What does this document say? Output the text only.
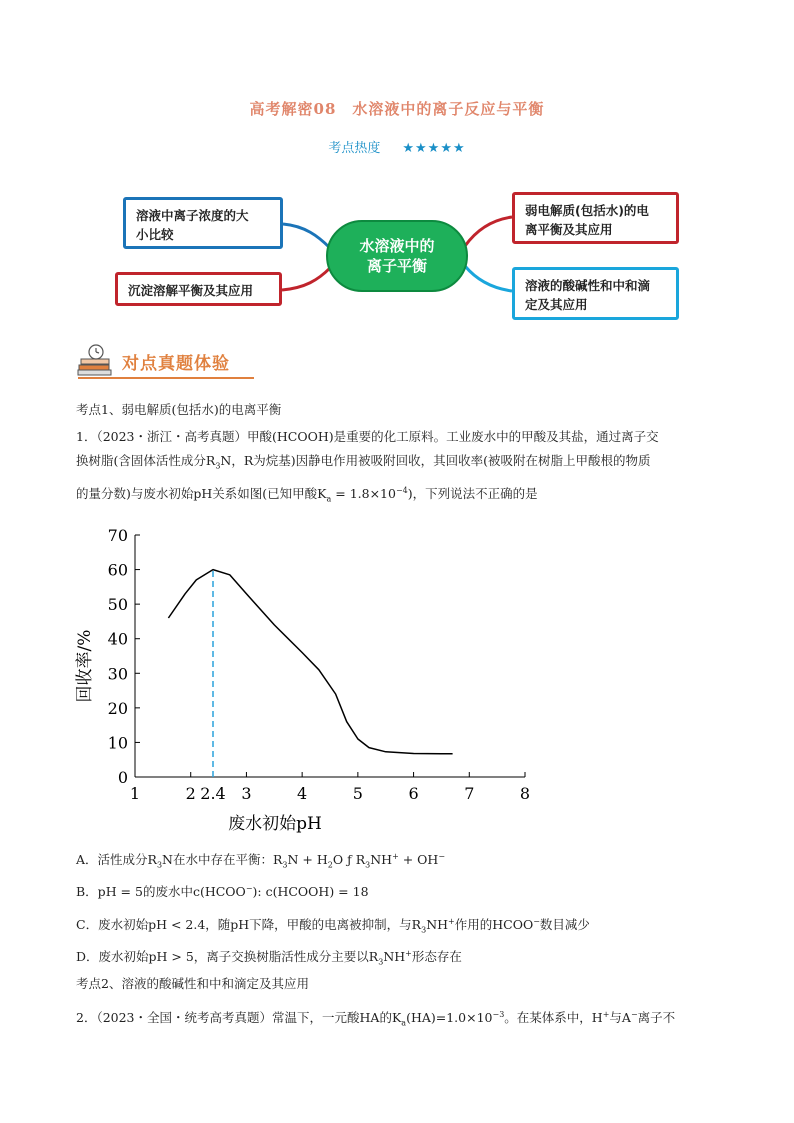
高考解密08　水溶液中的离子反应与平衡
考点热度 ★★★★★
溶液中离子浓度的大
小比较
沉淀溶解平衡及其应用
水溶液中的
离子平衡
弱电解质(包括水)的电
离平衡及其应用
溶液的酸碱性和中和滴
定及其应用
对点真题体验
考点1、弱电解质(包括水)的电离平衡
1．（2023・浙江・高考真题）甲酸(HCOOH)是重要的化工原料。工业废水中的甲酸及其盐，通过离子交
换树脂(含固体活性成分$R_3N$，R为烷基)因静电作用被吸附回收，其回收率(被吸附在树脂上甲酸根的物质
的量分数)与废水初始pH关系如图(已知甲酸$K_a = 1.8\times 10^{-4}$)，下列说法不正确的是
0
10
20
30
40
50
60
70
1	2 2.4 3	4	5	6	7	8
废水初始pH
回收率/%
A．活性成分$R_3N$在水中存在平衡：$R_3N + H_2O$ ƒ $R_3NH^+ + OH^-$
B．pH = 5的废水中c(HCOO−): c(HCOOH) = 18
C．废水初始pH < 2.4，随pH下降，甲酸的电离被抑制，与$R_3NH^+$作用的HCOO−数目减少
D．废水初始pH > 5，离子交换树脂活性成分主要以$R_3NH^+$形态存在
考点2、溶液的酸碱性和中和滴定及其应用
2．（2023・全国・统考高考真题）常温下，一元酸HA的$K_a(HA)=1.0\times 10^{-3}$。在某体系中，H+与A−离子不
